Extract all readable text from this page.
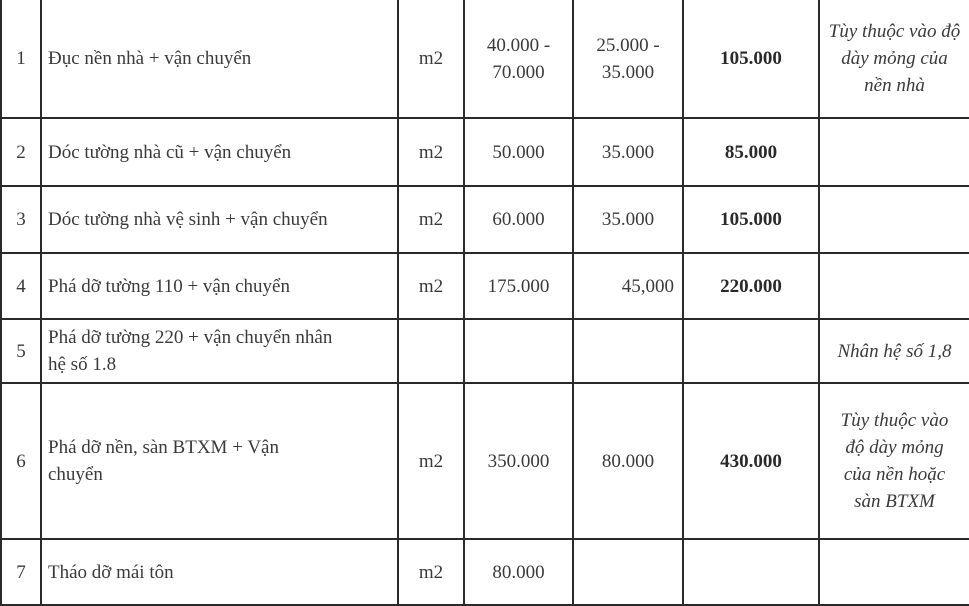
1	Đục nền nhà + vận chuyển	m2	40.000 - 70.000	25.000 - 35.000	105.000	Tùy thuộc vào độ dày mỏng của nền nhà
2	Dóc tường nhà cũ + vận chuyển	m2	50.000	35.000	85.000	
3	Dóc tường nhà vệ sinh + vận chuyển	m2	60.000	35.000	105.000	
4	Phá dỡ tường 110 + vận chuyển	m2	175.000	45,000	220.000	
5	Phá dỡ tường 220 + vận chuyển nhân hệ số 1.8					Nhân hệ số 1,8
6	Phá dỡ nền, sàn BTXM + Vận chuyển	m2	350.000	80.000	430.000	Tùy thuộc vào độ dày mỏng của nền hoặc sàn BTXM
7	Tháo dỡ mái tôn	m2	80.000			
